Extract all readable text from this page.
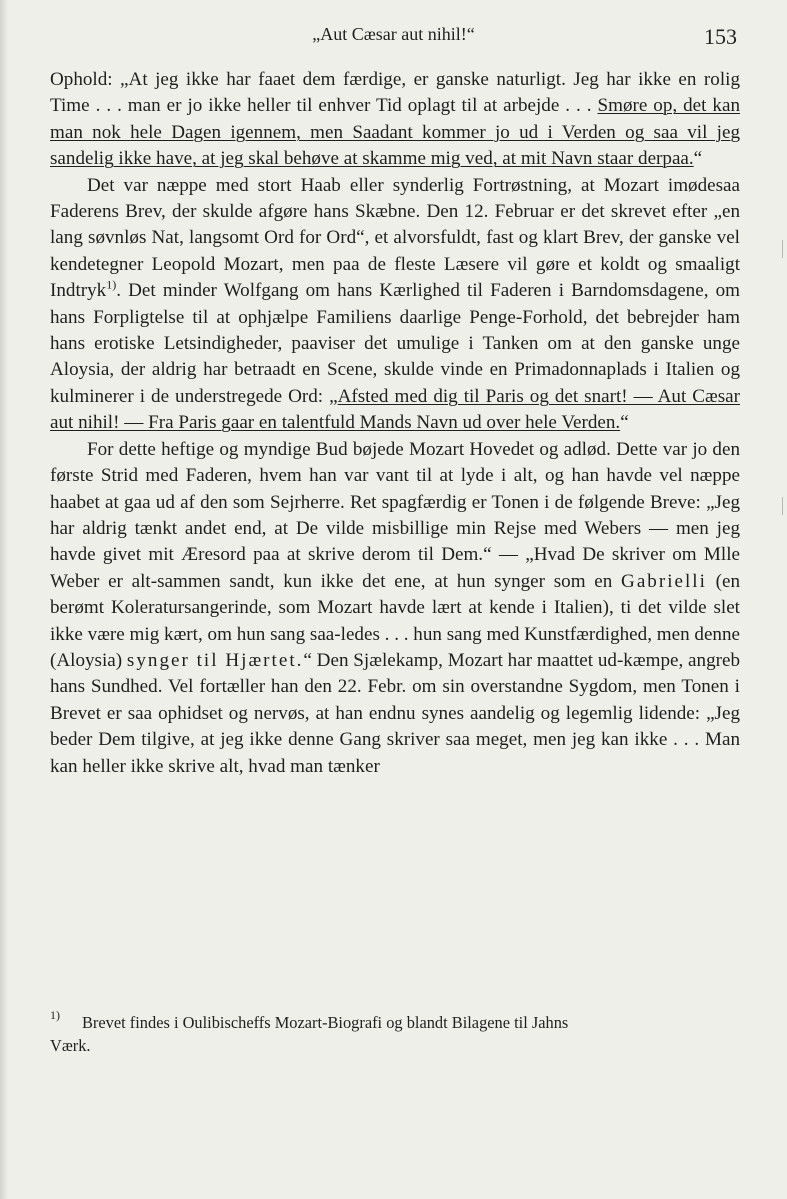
„Aut Cæsar aut nihil!“	153

Ophold: „At jeg ikke har faaet dem færdige, er ganske naturligt. Jeg har ikke en rolig Time . . . man er jo ikke heller til enhver Tid oplagt til at arbejde . . . Smøre op, det kan man nok hele Dagen igennem, men Saadant kommer jo ud i Verden og saa vil jeg sandelig ikke have, at jeg skal behøve at skamme mig ved, at mit Navn staar derpaa.“

Det var næppe med stort Haab eller synderlig Fortrøstning, at Mozart imødesaa Faderens Brev, der skulde afgøre hans Skæbne. Den 12. Februar er det skrevet efter „en lang søvnløs Nat, langsomt Ord for Ord“, et alvorsfuldt, fast og klart Brev, der ganske vel kendetegner Leopold Mozart, men paa de fleste Læsere vil gøre et koldt og smaaligt Indtryk$^{1)}$. Det minder Wolfgang om hans Kærlighed til Faderen i Barndomsdagene, om hans Forpligtelse til at ophjælpe Familiens daarlige Penge-Forhold, det bebrejder ham hans erotiske Letsindigheder, paaviser det umulige i Tanken om at den ganske unge Aloysia, der aldrig har betraadt en Scene, skulde vinde en Primadonnaplads i Italien og kulminerer i de understregede Ord: „Afsted med dig til Paris og det snart! — Aut Cæsar aut nihil! — Fra Paris gaar en talentfuld Mands Navn ud over hele Verden.“

For dette heftige og myndige Bud bøjede Mozart Hovedet og adlød. Dette var jo den første Strid med Faderen, hvem han var vant til at lyde i alt, og han havde vel næppe haabet at gaa ud af den som Sejrherre. Ret spagfærdig er Tonen i de følgende Breve: „Jeg har aldrig tænkt andet end, at De vilde misbillige min Rejse med Webers — men jeg havde givet mit Æresord paa at skrive derom til Dem.“ — „Hvad De skriver om Mlle Weber er alt-sammen sandt, kun ikke det ene, at hun synger som en Gabrielli (en berømt Koleratursangerinde, som Mozart havde lært at kende i Italien), ti det vilde slet ikke være mig kært, om hun sang saa-ledes . . . hun sang med Kunstfærdighed, men denne (Aloysia) synger til Hjærtet.“ Den Sjælekamp, Mozart har maattet ud-kæmpe, angreb hans Sundhed. Vel fortæller han den 22. Febr. om sin overstandne Sygdom, men Tonen i Brevet er saa ophidset og nervøs, at han endnu synes aandelig og legemlig lidende: „Jeg beder Dem tilgive, at jeg ikke denne Gang skriver saa meget, men jeg kan ikke . . . Man kan heller ikke skrive alt, hvad man tænker

1) Brevet findes i Oulibischeffs Mozart-Biografi og blandt Bilagene til Jahns
Værk.
